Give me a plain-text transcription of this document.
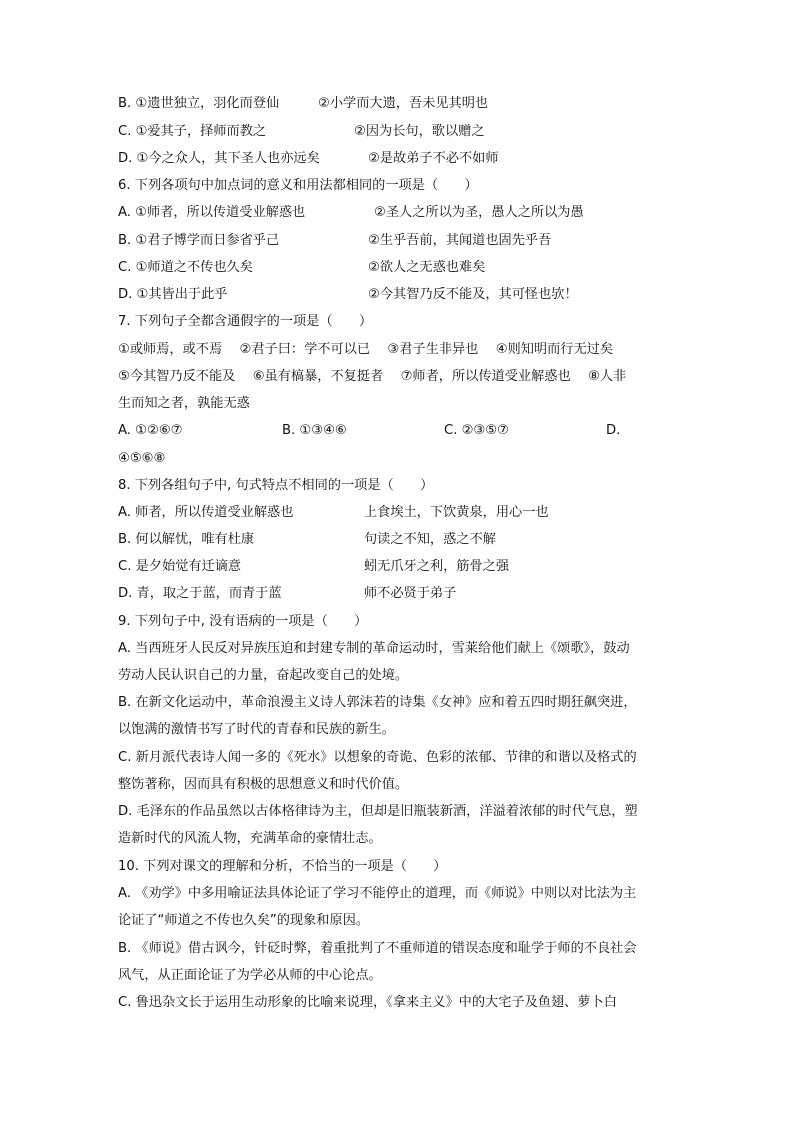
B. ①遗世独立，羽化而登仙	②小学而大遗，吾未见其明也
C. ①爱其子，择师而教之	②因为长句，歌以赠之
D. ①今之众人，其下圣人也亦远矣	②是故弟子不必不如师
6. 下列各项句中加点词的意义和用法都相同的一项是（　　）
A. ①师者，所以传道受业解惑也	②圣人之所以为圣，愚人之所以为愚
B. ①君子博学而日参省乎己	②生乎吾前，其闻道也固先乎吾
C. ①师道之不传也久矣	②欲人之无惑也难矣
D. ①其皆出于此乎	②今其智乃反不能及，其可怪也欤！
7. 下列句子全都含通假字的一项是（　　）
①或师焉，或不焉　 ②君子曰：学不可以已　 ③君子生非异也　 ④则知明而行无过矣
⑤今其智乃反不能及　 ⑥虽有槁暴，不复挺者　 ⑦师者，所以传道受业解惑也　 ⑧人非
生而知之者，孰能无惑
A. ①②⑥⑦	B. ①③④⑥	C. ②③⑤⑦	D.
④⑤⑥⑧
8. 下列各组句子中, 句式特点不相同的一项是（　　）
A. 师者，所以传道受业解惑也	上食埃土，下饮黄泉，用心一也
B. 何以解忧，唯有杜康	句读之不知，惑之不解
C. 是夕始觉有迁谪意	蚓无爪牙之利，筋骨之强
D. 青，取之于蓝，而青于蓝	师不必贤于弟子
9. 下列句子中, 没有语病的一项是（　　）
A. 当西班牙人民反对异族压迫和封建专制的革命运动时，雪莱给他们献上《颂歌》，鼓动
劳动人民认识自己的力量，奋起改变自己的处境。
B. 在新文化运动中，革命浪漫主义诗人郭沫若的诗集《女神》应和着五四时期狂飙突进，
以饱满的激情书写了时代的青春和民族的新生。
C. 新月派代表诗人闻一多的《死水》以想象的奇诡、色彩的浓郁、节律的和谐以及格式的
整饬著称，因而具有积极的思想意义和时代价值。
D. 毛泽东的作品虽然以古体格律诗为主，但却是旧瓶装新酒，洋溢着浓郁的时代气息，塑
造新时代的风流人物，充满革命的豪情壮志。
10. 下列对课文的理解和分析，不恰当的一项是（　　）
A. 《劝学》中多用喻证法具体论证了学习不能停止的道理，而《师说》中则以对比法为主
论证了“师道之不传也久矣”的现象和原因。
B. 《师说》借古讽今，针砭时弊，着重批判了不重师道的错误态度和耻学于师的不良社会
风气，从正面论证了为学必从师的中心论点。
C. 鲁迅杂文长于运用生动形象的比喻来说理，《拿来主义》中的大宅子及鱼翅、萝卜白
